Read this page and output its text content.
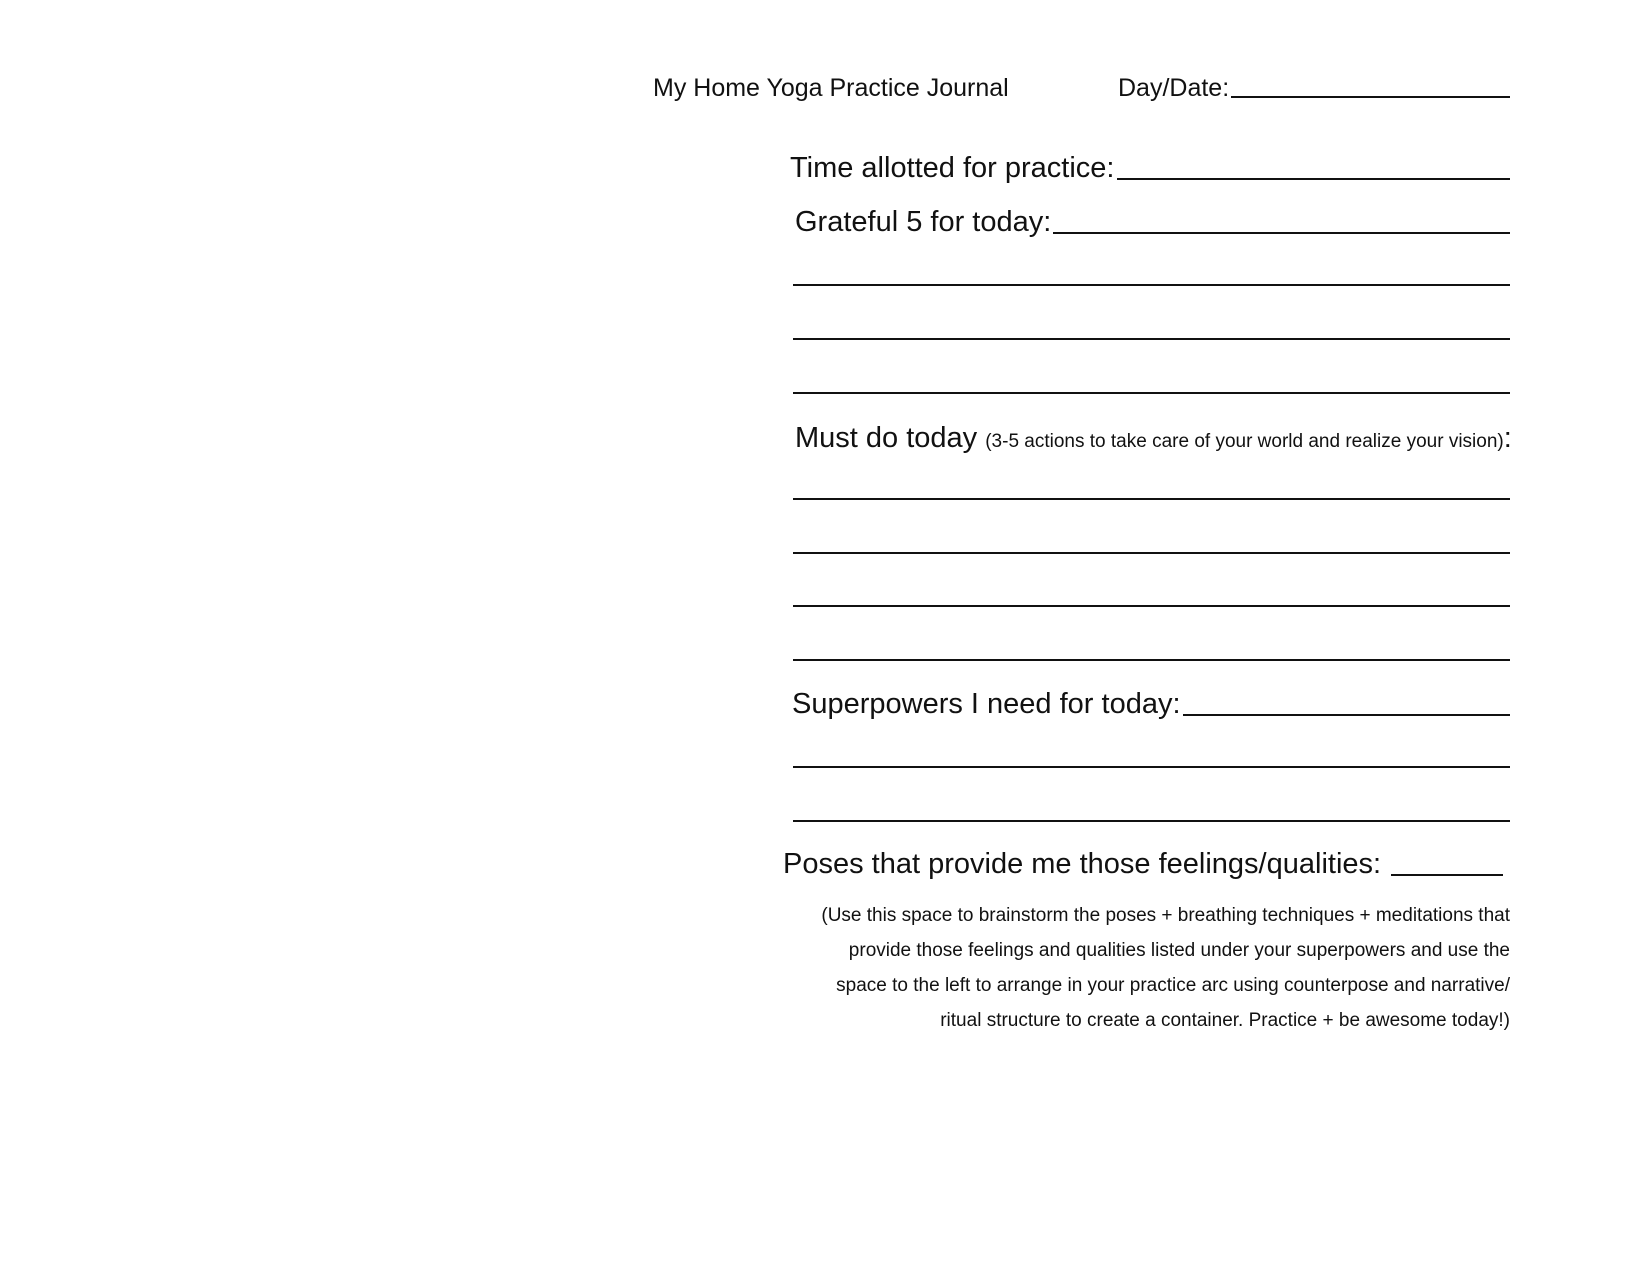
My Home Yoga Practice Journal	Day/Date:
Time allotted for practice:
Grateful 5 for today:
Must do today (3-5 actions to take care of your world and realize your vision):
Superpowers I need for today:
Poses that provide me those feelings/qualities:
(Use this space to brainstorm the poses + breathing techniques + meditations that
provide those feelings and qualities listed under your superpowers and use the
space to the left to arrange in your practice arc using counterpose and narrative/
ritual structure to create a container. Practice + be awesome today!)
